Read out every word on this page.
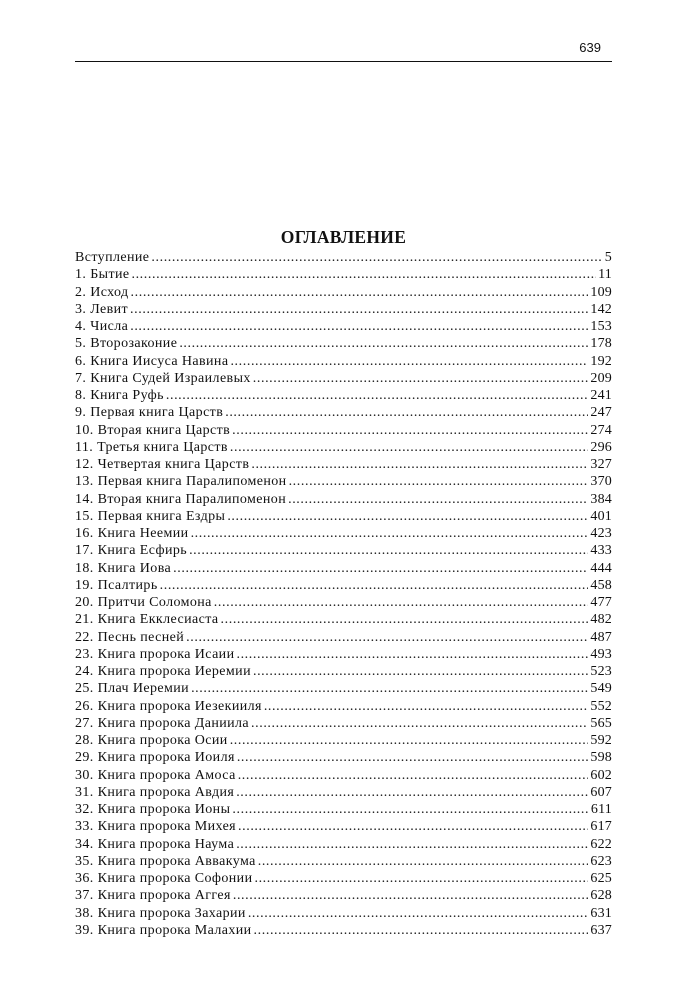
639
ОГЛАВЛЕНИЕ
Вступление .....	5
1. Бытие .....	11
2. Исход .....	109
3. Левит .....	142
4. Числа .....	153
5. Второзаконие .....	178
6. Книга Иисуса Навина .....	192
7. Книга Судей Израилевых .....	209
8. Книга Руфь .....	241
9. Первая книга Царств .....	247
10. Вторая книга Царств .....	274
11. Третья книга Царств .....	296
12. Четвертая книга Царств .....	327
13. Первая книга Паралипоменон .....	370
14. Вторая книга Паралипоменон .....	384
15. Первая книга Ездры .....	401
16. Книга Неемии .....	423
17. Книга Есфирь .....	433
18. Книга Иова .....	444
19. Псалтирь .....	458
20. Притчи Соломона .....	477
21. Книга Екклесиаста .....	482
22. Песнь песней .....	487
23. Книга пророка Исаии .....	493
24. Книга пророка Иеремии .....	523
25. Плач Иеремии .....	549
26. Книга пророка Иезекииля .....	552
27. Книга пророка Даниила .....	565
28. Книга пророка Осии .....	592
29. Книга пророка Иоиля .....	598
30. Книга пророка Амоса .....	602
31. Книга пророка Авдия .....	607
32. Книга пророка Ионы .....	611
33. Книга пророка Михея .....	617
34. Книга пророка Наума .....	622
35. Книга пророка Аввакума .....	623
36. Книга пророка Софонии .....	625
37. Книга пророка Аггея .....	628
38. Книга пророка Захарии .....	631
39. Книга пророка Малахии .....	637
